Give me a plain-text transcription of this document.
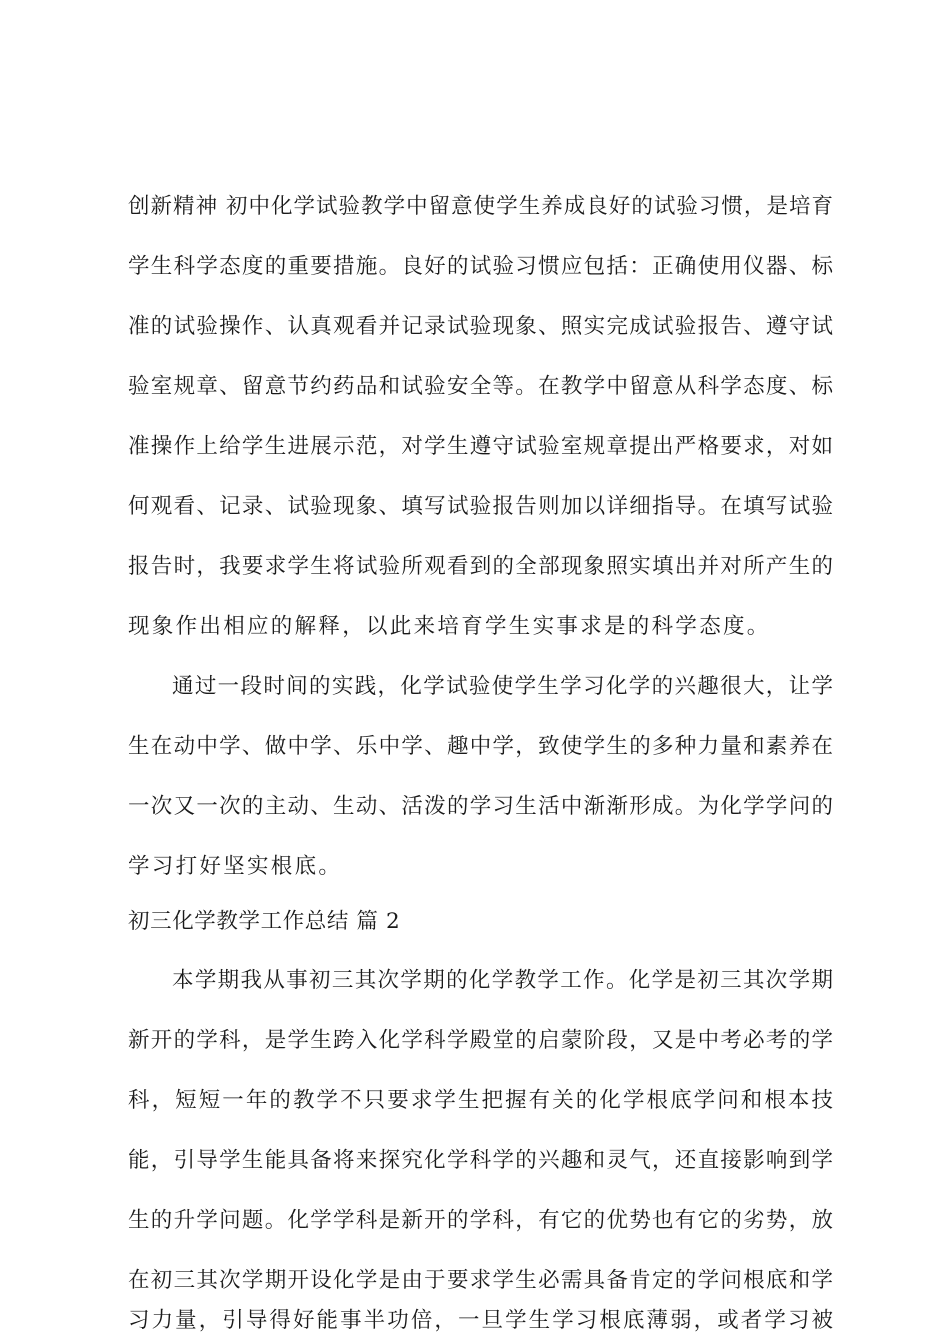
创新精神 初中化学试验教学中留意使学生养成良好的试验习惯，是培育
学生科学态度的重要措施。良好的试验习惯应包括：正确使用仪器、标
准的试验操作、认真观看并记录试验现象、照实完成试验报告、遵守试
验室规章、留意节约药品和试验安全等。在教学中留意从科学态度、标
准操作上给学生进展示范，对学生遵守试验室规章提出严格要求，对如
何观看、记录、试验现象、填写试验报告则加以详细指导。在填写试验
报告时，我要求学生将试验所观看到的全部现象照实填出并对所产生的
现象作出相应的解释，以此来培育学生实事求是的科学态度。
通过一段时间的实践，化学试验使学生学习化学的兴趣很大，让学
生在动中学、做中学、乐中学、趣中学，致使学生的多种力量和素养在
一次又一次的主动、生动、活泼的学习生活中渐渐形成。为化学学问的
学习打好坚实根底。
初三化学教学工作总结 篇 2
本学期我从事初三其次学期的化学教学工作。化学是初三其次学期
新开的学科，是学生跨入化学科学殿堂的启蒙阶段，又是中考必考的学
科，短短一年的教学不只要求学生把握有关的化学根底学问和根本技
能，引导学生能具备将来探究化学科学的兴趣和灵气，还直接影响到学
生的升学问题。化学学科是新开的学科，有它的优势也有它的劣势，放
在初三其次学期开设化学是由于要求学生必需具备肯定的学问根底和学
习力量，引导得好能事半功倍，一旦学生学习根底薄弱，或者学习被
